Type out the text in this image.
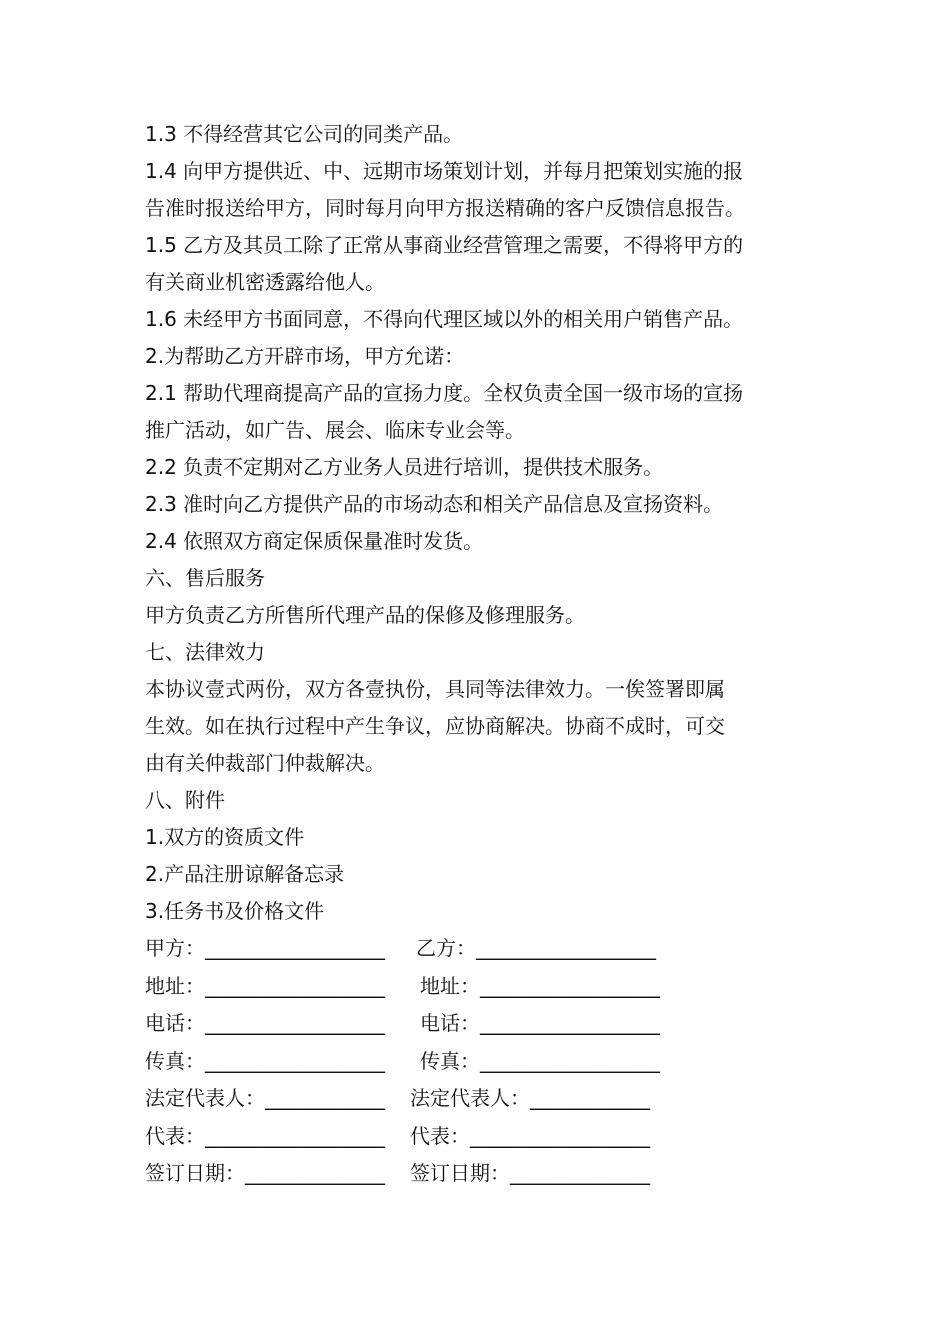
1.3 不得经营其它公司的同类产品。

1.4 向甲方提供近、中、远期市场策划计划，并每月把策划实施的报

告准时报送给甲方，同时每月向甲方报送精确的客户反馈信息报告。

1.5 乙方及其员工除了正常从事商业经营管理之需要，不得将甲方的

有关商业机密透露给他人。

1.6 未经甲方书面同意，不得向代理区域以外的相关用户销售产品。

2.为帮助乙方开辟市场，甲方允诺：

2.1 帮助代理商提高产品的宣扬力度。全权负责全国一级市场的宣扬

推广活动，如广告、展会、临床专业会等。

2.2 负责不定期对乙方业务人员进行培训，提供技术服务。

2.3 准时向乙方提供产品的市场动态和相关产品信息及宣扬资料。

2.4 依照双方商定保质保量准时发货。

六、售后服务

甲方负责乙方所售所代理产品的保修及修理服务。

七、法律效力

本协议壹式两份，双方各壹执份，具同等法律效力。一俟签署即属

生效。如在执行过程中产生争议，应协商解决。协商不成时，可交

由有关仲裁部门仲裁解决。

八、附件

1.双方的资质文件

2.产品注册谅解备忘录

3.任务书及价格文件

甲方：__________________

乙方：__________________

地址：__________________

地址：__________________

电话：__________________

电话：__________________

传真：__________________

传真：__________________

法定代表人：____________

法定代表人：____________

代表：__________________

代表：__________________

签订日期：______________

签订日期：______________
